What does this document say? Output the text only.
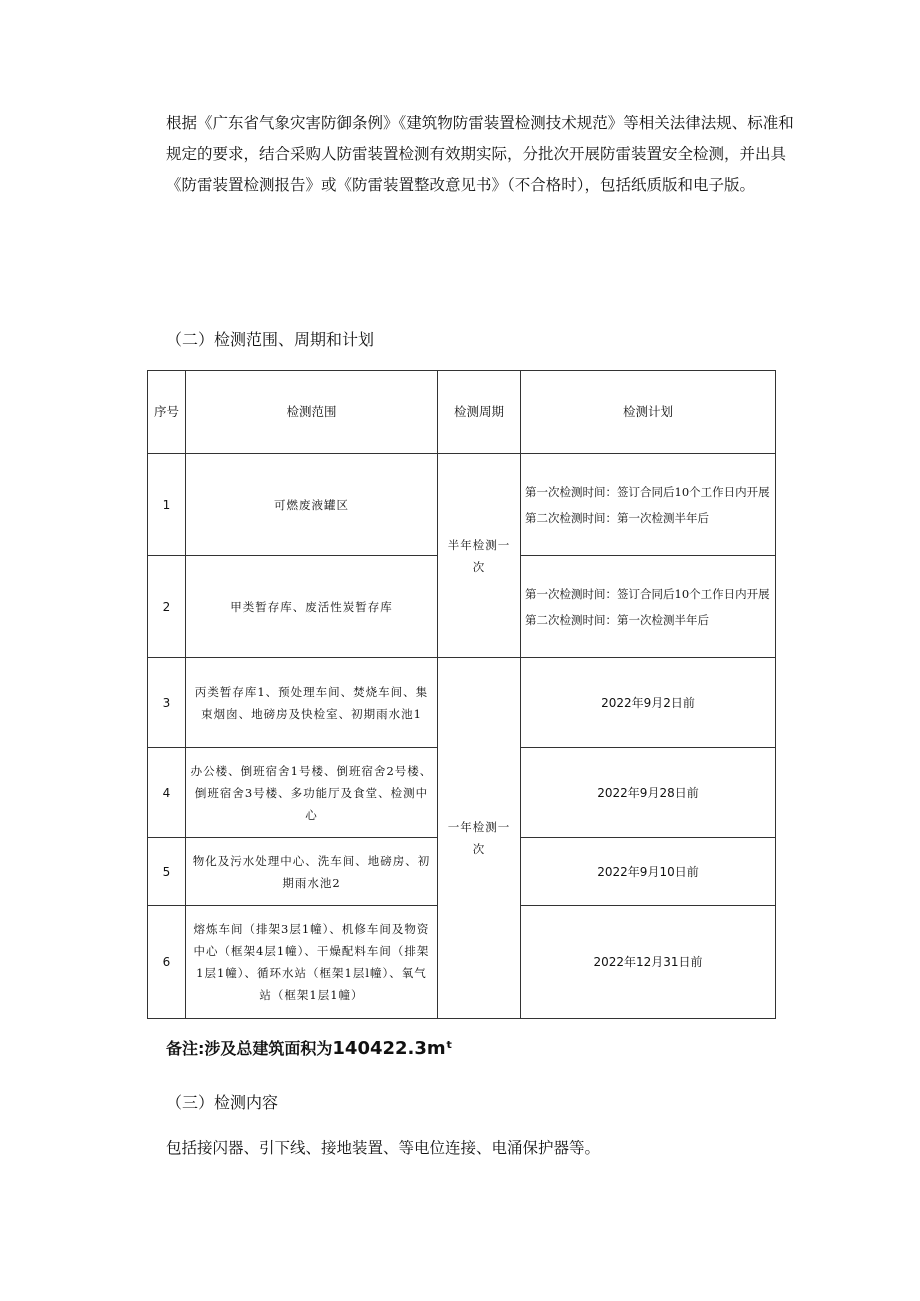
根据《广东省气象灾害防御条例》《建筑物防雷装置检测技术规范》等相关法律法规、标准和规定的要求，结合采购人防雷装置检测有效期实际，分批次开展防雷装置安全检测，并出具《防雷装置检测报告》或《防雷装置整改意见书》（不合格时），包括纸质版和电子版。
（二）检测范围、周期和计划
序号	检测范围	检测周期	检测计划
1	可燃废液罐区	半年检测一次	第一次检测时间：签订合同后10个工作日内开展
第二次检测时间：第一次检测半年后

2	甲类暂存库、废活性炭暂存库		第一次检测时间：签订合同后10个工作日内开展
第二次检测时间：第一次检测半年后

3	丙类暂存库1、预处理车间、焚烧车间、集束烟囱、地磅房及快检室、初期雨水池1	一年检测一次	2022年9月2日前
4	办公楼、倒班宿舍1号楼、倒班宿舍2号楼、倒班宿舍3号楼、多功能厅及食堂、检测中心		2022年9月28日前
5	物化及污水处理中心、洗车间、地磅房、初期雨水池2		2022年9月10日前
6	熔炼车间（排架3层1幢）、机修车间及物资中心（框架4层1幢）、干燥配料车间（排架1层1幢）、循环水站（框架1层l幢）、氧气站（框架1层1幢）		2022年12月31日前
备注:涉及总建筑面积为140422.3mᵗ
（三）检测内容
包括接闪器、引下线、接地装置、等电位连接、电涌保护器等。
